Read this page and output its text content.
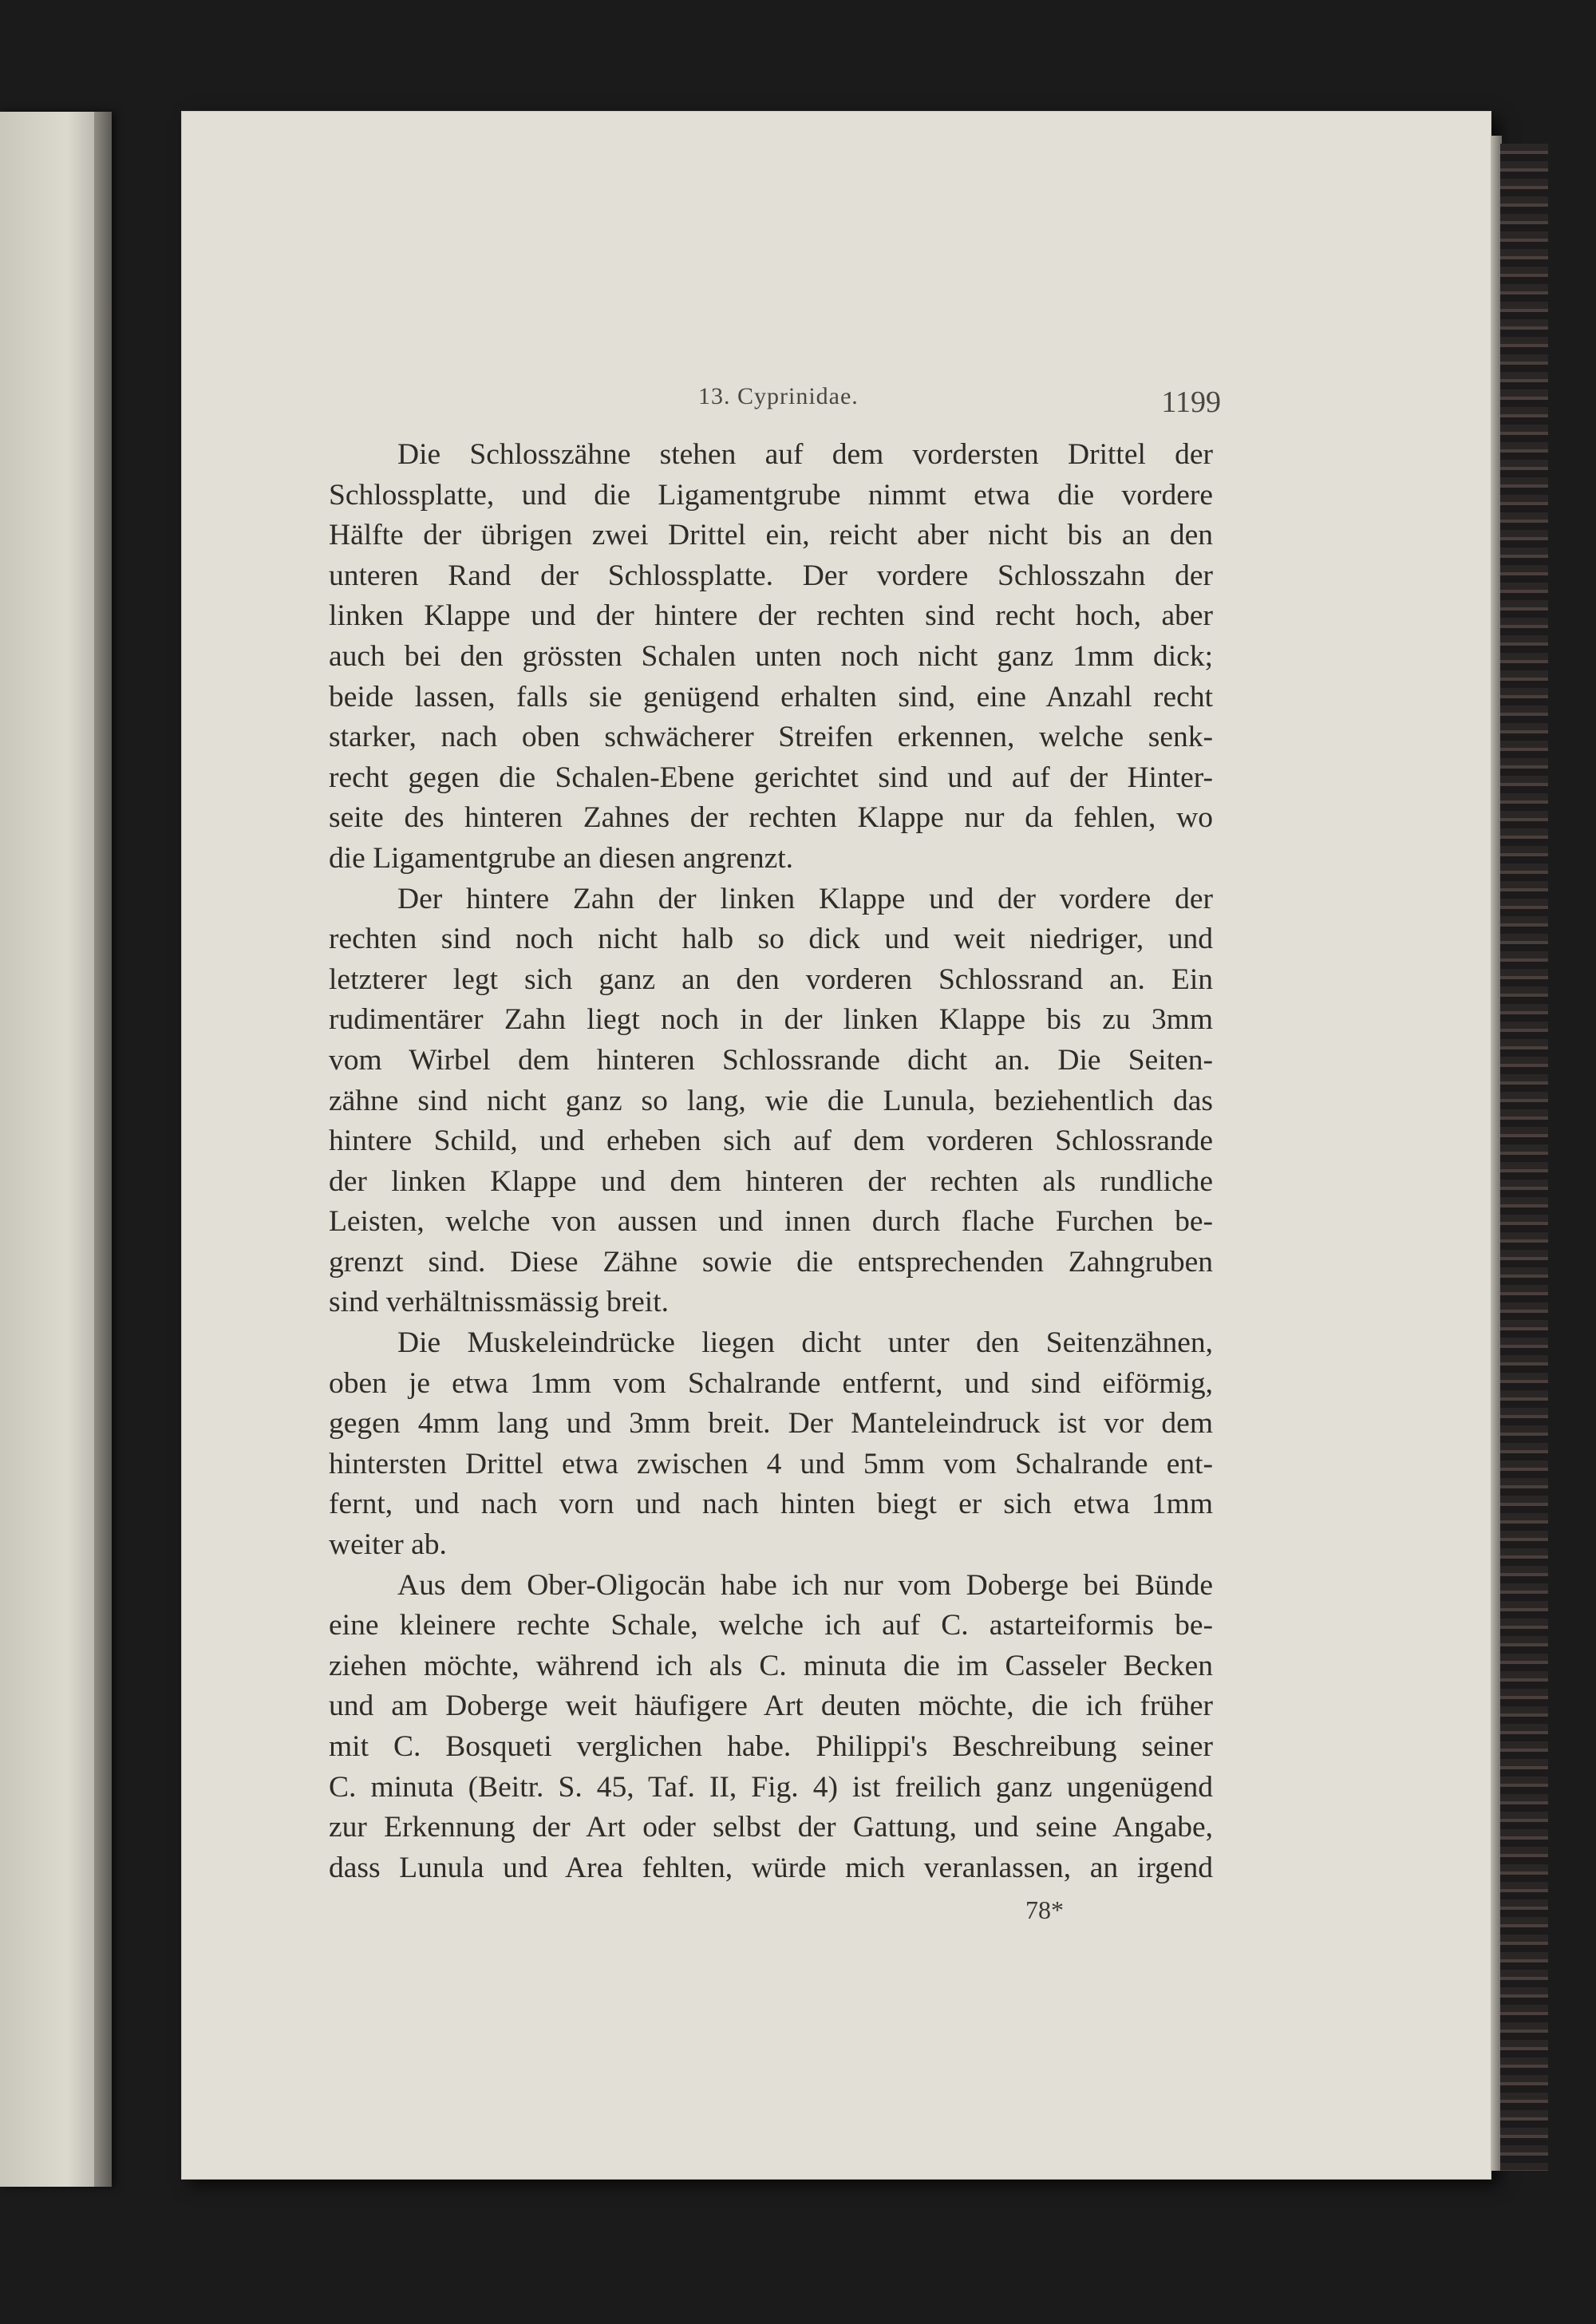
13. Cyprinidae.	1199
Die Schlosszähne stehen auf dem vordersten Drittel der
Schlossplatte, und die Ligamentgrube nimmt etwa die vordere
Hälfte der übrigen zwei Drittel ein, reicht aber nicht bis an den
unteren Rand der Schlossplatte. Der vordere Schlosszahn der
linken Klappe und der hintere der rechten sind recht hoch, aber
auch bei den grössten Schalen unten noch nicht ganz 1mm dick;
beide lassen, falls sie genügend erhalten sind, eine Anzahl recht
starker, nach oben schwächerer Streifen erkennen, welche senk-
recht gegen die Schalen-Ebene gerichtet sind und auf der Hinter-
seite des hinteren Zahnes der rechten Klappe nur da fehlen, wo
die Ligamentgrube an diesen angrenzt.
Der hintere Zahn der linken Klappe und der vordere der
rechten sind noch nicht halb so dick und weit niedriger, und
letzterer legt sich ganz an den vorderen Schlossrand an. Ein
rudimentärer Zahn liegt noch in der linken Klappe bis zu 3mm
vom Wirbel dem hinteren Schlossrande dicht an. Die Seiten-
zähne sind nicht ganz so lang, wie die Lunula, beziehentlich das
hintere Schild, und erheben sich auf dem vorderen Schlossrande
der linken Klappe und dem hinteren der rechten als rundliche
Leisten, welche von aussen und innen durch flache Furchen be-
grenzt sind. Diese Zähne sowie die entsprechenden Zahngruben
sind verhältnissmässig breit.
Die Muskeleindrücke liegen dicht unter den Seitenzähnen,
oben je etwa 1mm vom Schalrande entfernt, und sind eiförmig,
gegen 4mm lang und 3mm breit. Der Manteleindruck ist vor dem
hintersten Drittel etwa zwischen 4 und 5mm vom Schalrande ent-
fernt, und nach vorn und nach hinten biegt er sich etwa 1mm
weiter ab.
Aus dem Ober-Oligocän habe ich nur vom Doberge bei Bünde
eine kleinere rechte Schale, welche ich auf C. astarteiformis be-
ziehen möchte, während ich als C. minuta die im Casseler Becken
und am Doberge weit häufigere Art deuten möchte, die ich früher
mit C. Bosqueti verglichen habe. Philippi's Beschreibung seiner
C. minuta (Beitr. S. 45, Taf. II, Fig. 4) ist freilich ganz ungenügend
zur Erkennung der Art oder selbst der Gattung, und seine Angabe,
dass Lunula und Area fehlten, würde mich veranlassen, an irgend
78*
